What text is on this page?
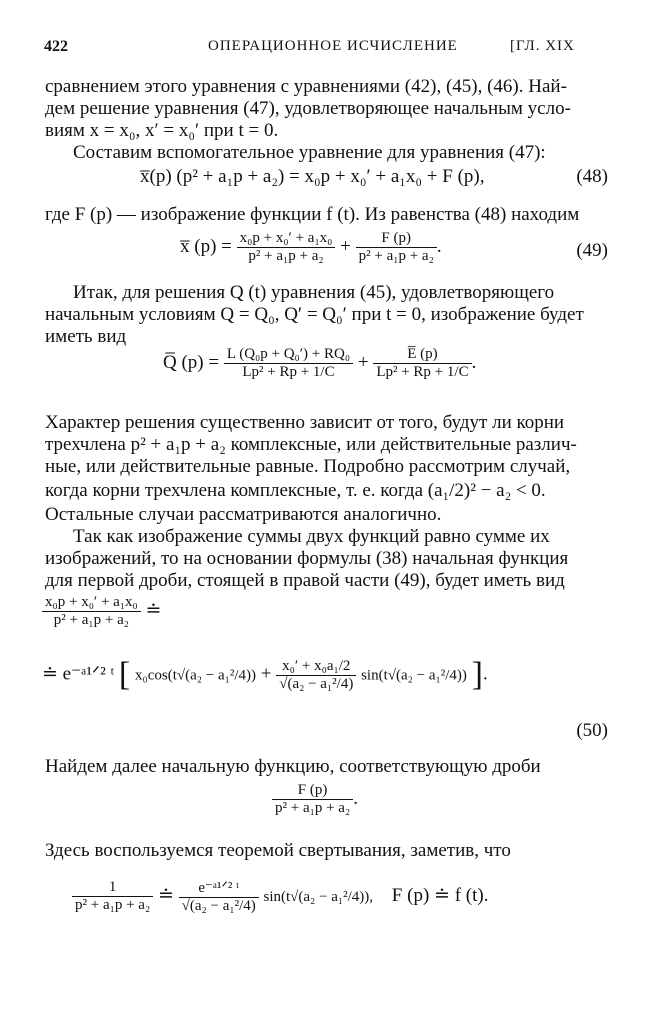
422	ОПЕРАЦИОННОЕ ИСЧИСЛЕНИЕ	[ГЛ. XIX
сравнением этого уравнения с уравнениями (42), (45), (46). Най-
дем решение уравнения (47), удовлетворяющее начальным усло-
виям x = x₀, x′ = x₀′ при t = 0.
Составим вспомогательное уравнение для уравнения (47):
x̅(p) (p² + a₁p + a₂) = x₀p + x₀′ + a₁x₀ + F (p),	(48)
где F (p) — изображение функции f (t). Из равенства (48) находим
x̅ $(p) = \frac{\text{x₀p + x₀′ + a₁x₀}}{\text{p² + a₁p + a₂}} + \frac{F (p)}{\text{p² + a₁p + a₂}}$ .	(49)
Итак, для решения Q (t) уравнения (45), удовлетворяющего
начальным условиям Q = Q₀, Q′ = Q₀′ при t = 0, изображение будет
иметь вид
Q̅ $(p) = \frac{\text{L (Q₀p + Q₀′) + RQ₀}}{\text{Lp² + Rp + 1/C}} + \frac{E̅ (p)}{\text{Lp² + Rp + 1/C}}$ .
Характер решения существенно зависит от того, будут ли корни
трехчлена p² + a₁p + a₂ комплексные, или действительные различ-
ные, или действительные равные. Подробно рассмотрим случай,
когда корни трехчлена комплексные, т. е. когда (a₁/2)² − a₂ < 0.
Остальные случаи рассматриваются аналогично.
Так как изображение суммы двух функций равно сумме их
изображений, то на основании формулы (38) начальная функция
для первой дроби, стоящей в правой части (49), будет иметь вид
$\frac{\text{x₀p + x₀′ + a₁x₀}}{\text{p² + a₁p + a₂}}$ ≐
≐ e⁻ᵃ¹ᐟ² ᵗ [ $x_0\cos(t√(a_2 - a_1^2/4)) + \frac{\text{x₀′ + x₀a₁/2}}{\text{√(a₂ − a₁²/4)}} \sin(t√(a_2 - a_1^2/4))$ ].
(50)
Найдем далее начальную функцию, соответствующую дроби
$\frac{F (p)}{\text{p² + a₁p + a₂}}$ .
Здесь воспользуемся теоремой свертывания, заметив, что
$\frac{1}{\text{p² + a₁p + a₂}}$ ≐ $\frac{\text{e⁻ᵃ¹ᐟ² ᵗ}}{\text{√(a₂ − a₁²/4)}} \sin(t√(a_2 - a_1^2/4))$, F (p) ≐ f (t).
